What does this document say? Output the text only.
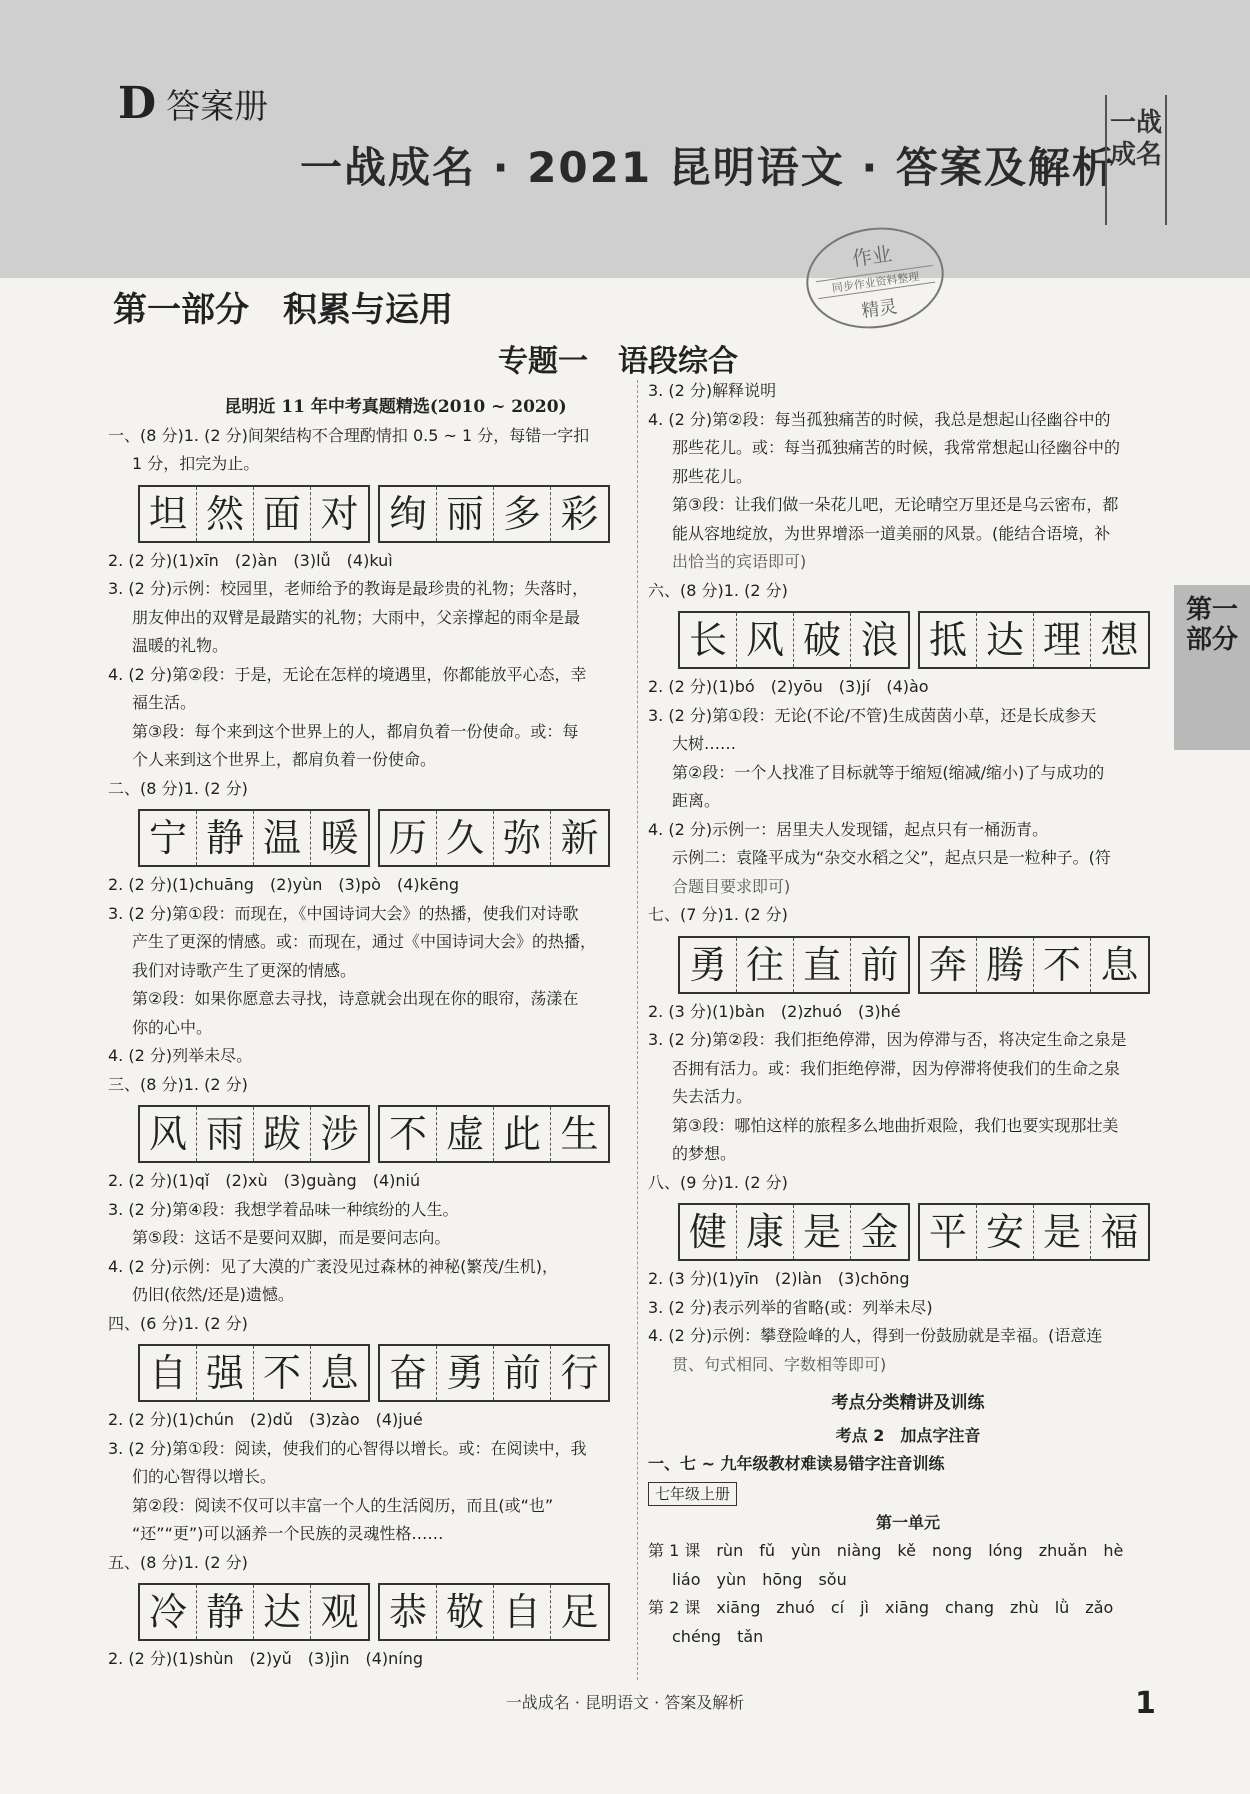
D 答案册
一战成名 · 2021 昆明语文 · 答案及解析
一战成名
作业
同步作业资料整理
精灵
第一部分　积累与运用
专题一　语段综合
第一部分
昆明近 11 年中考真题精选(2010 ~ 2020)
一、(8 分)1. (2 分)间架结构不合理酌情扣 0.5 ~ 1 分，每错一字扣
1 分，扣完为止。
坦 然 面 对 绚 丽 多 彩
2. (2 分)(1)xīn　(2)àn　(3)lǚ　(4)kuì
3. (2 分)示例：校园里，老师给予的教诲是最珍贵的礼物；失落时，
朋友伸出的双臂是最踏实的礼物；大雨中，父亲撑起的雨伞是最
温暖的礼物。
4. (2 分)第②段：于是，无论在怎样的境遇里，你都能放平心态，幸
福生活。
第③段：每个来到这个世界上的人，都肩负着一份使命。或：每
个人来到这个世界上，都肩负着一份使命。
二、(8 分)1. (2 分)
宁 静 温 暖 历 久 弥 新
2. (2 分)(1)chuāng　(2)yùn　(3)pò　(4)kēng
3. (2 分)第①段：而现在，《中国诗词大会》的热播，使我们对诗歌
产生了更深的情感。或：而现在，通过《中国诗词大会》的热播，
我们对诗歌产生了更深的情感。
第②段：如果你愿意去寻找，诗意就会出现在你的眼帘，荡漾在
你的心中。
4. (2 分)列举未尽。
三、(8 分)1. (2 分)
风 雨 跋 涉 不 虚 此 生
2. (2 分)(1)qǐ　(2)xù　(3)guàng　(4)niú
3. (2 分)第④段：我想学着品味一种缤纷的人生。
第⑤段：这话不是要问双脚，而是要问志向。
4. (2 分)示例：见了大漠的广袤没见过森林的神秘(繁茂/生机)，
仍旧(依然/还是)遗憾。
四、(6 分)1. (2 分)
自 强 不 息 奋 勇 前 行
2. (2 分)(1)chún　(2)dǔ　(3)zào　(4)jué
3. (2 分)第①段：阅读，使我们的心智得以增长。或：在阅读中，我
们的心智得以增长。
第②段：阅读不仅可以丰富一个人的生活阅历，而且(或“也”
“还”“更”)可以涵养一个民族的灵魂性格……
五、(8 分)1. (2 分)
冷 静 达 观 恭 敬 自 足
2. (2 分)(1)shùn　(2)yǔ　(3)jìn　(4)níng
3. (2 分)解释说明
4. (2 分)第②段：每当孤独痛苦的时候，我总是想起山径幽谷中的
那些花儿。或：每当孤独痛苦的时候，我常常想起山径幽谷中的
那些花儿。
第③段：让我们做一朵花儿吧，无论晴空万里还是乌云密布，都
能从容地绽放，为世界增添一道美丽的风景。(能结合语境，补
出恰当的宾语即可)
六、(8 分)1. (2 分)
长 风 破 浪 抵 达 理 想
2. (2 分)(1)bó　(2)yōu　(3)jí　(4)ào
3. (2 分)第①段：无论(不论/不管)生成茵茵小草，还是长成参天
大树……
第②段：一个人找准了目标就等于缩短(缩减/缩小)了与成功的
距离。
4. (2 分)示例一：居里夫人发现镭，起点只有一桶沥青。
示例二：袁隆平成为“杂交水稻之父”，起点只是一粒种子。(符
合题目要求即可)
七、(7 分)1. (2 分)
勇 往 直 前 奔 腾 不 息
2. (3 分)(1)bàn　(2)zhuó　(3)hé
3. (2 分)第②段：我们拒绝停滞，因为停滞与否，将决定生命之泉是
否拥有活力。或：我们拒绝停滞，因为停滞将使我们的生命之泉
失去活力。
第③段：哪怕这样的旅程多么地曲折艰险，我们也要实现那壮美
的梦想。
八、(9 分)1. (2 分)
健 康 是 金 平 安 是 福
2. (3 分)(1)yīn　(2)làn　(3)chōng
3. (2 分)表示列举的省略(或：列举未尽)
4. (2 分)示例：攀登险峰的人，得到一份鼓励就是幸福。(语意连
贯、句式相同、字数相等即可)
考点分类精讲及训练
考点 2　加点字注音
一、七 ~ 九年级教材难读易错字注音训练
七年级上册
第一单元
第 1 课　rùn　fǔ　yùn　niàng　kě　nong　lóng　zhuǎn　hè
liáo　yùn　hōng　sǒu
第 2 课　xiāng　zhuó　cí　jì　xiāng　chang　zhù　lǜ　zǎo
chéng　tǎn
一战成名 · 昆明语文 · 答案及解析	1
